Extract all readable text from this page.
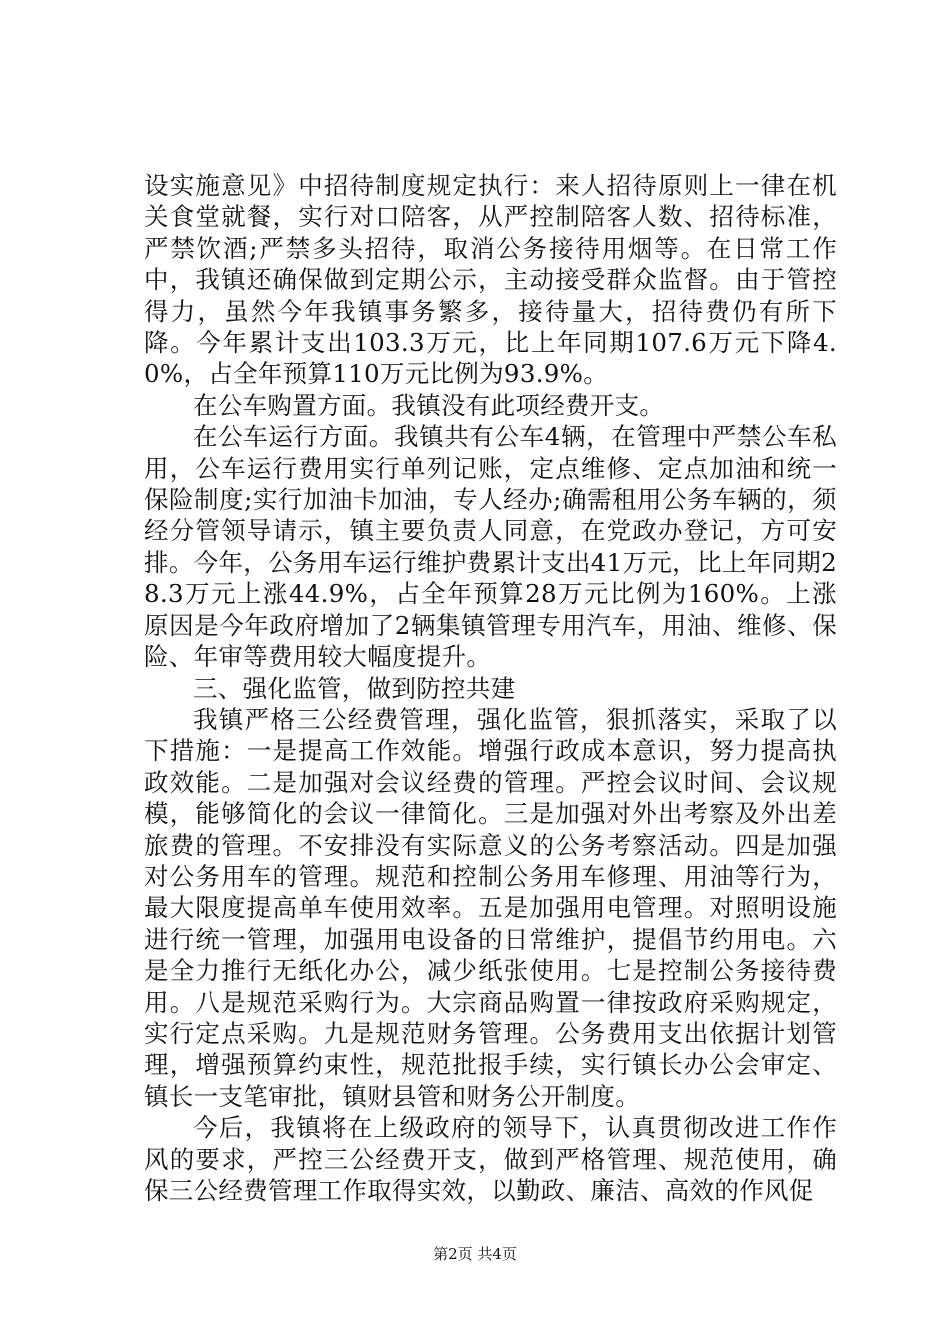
设实施意见》中招待制度规定执行：来人招待原则上一律在机关食堂就餐，实行对口陪客，从严控制陪客人数、招待标准，严禁饮酒;严禁多头招待，取消公务接待用烟等。在日常工作中，我镇还确保做到定期公示，主动接受群众监督。由于管控得力，虽然今年我镇事务繁多，接待量大，招待费仍有所下降。今年累计支出103.3万元，比上年同期107.6万元下降4.0%，占全年预算110万元比例为93.9%。

在公车购置方面。我镇没有此项经费开支。

在公车运行方面。我镇共有公车4辆，在管理中严禁公车私用，公车运行费用实行单列记账，定点维修、定点加油和统一保险制度;实行加油卡加油，专人经办;确需租用公务车辆的，须经分管领导请示，镇主要负责人同意，在党政办登记，方可安排。今年，公务用车运行维护费累计支出41万元，比上年同期28.3万元上涨44.9%，占全年预算28万元比例为160%。上涨原因是今年政府增加了2辆集镇管理专用汽车，用油、维修、保险、年审等费用较大幅度提升。

三、强化监管，做到防控共建

我镇严格三公经费管理，强化监管，狠抓落实，采取了以下措施：一是提高工作效能。增强行政成本意识，努力提高执政效能。二是加强对会议经费的管理。严控会议时间、会议规模，能够简化的会议一律简化。三是加强对外出考察及外出差旅费的管理。不安排没有实际意义的公务考察活动。四是加强对公务用车的管理。规范和控制公务用车修理、用油等行为，最大限度提高单车使用效率。五是加强用电管理。对照明设施进行统一管理，加强用电设备的日常维护，提倡节约用电。六是全力推行无纸化办公，减少纸张使用。七是控制公务接待费用。八是规范采购行为。大宗商品购置一律按政府采购规定，实行定点采购。九是规范财务管理。公务费用支出依据计划管理，增强预算约束性，规范批报手续，实行镇长办公会审定、镇长一支笔审批，镇财县管和财务公开制度。

今后，我镇将在上级政府的领导下，认真贯彻改进工作作风的要求，严控三公经费开支，做到严格管理、规范使用，确保三公经费管理工作取得实效，以勤政、廉洁、高效的作风促

第2页 共4页
